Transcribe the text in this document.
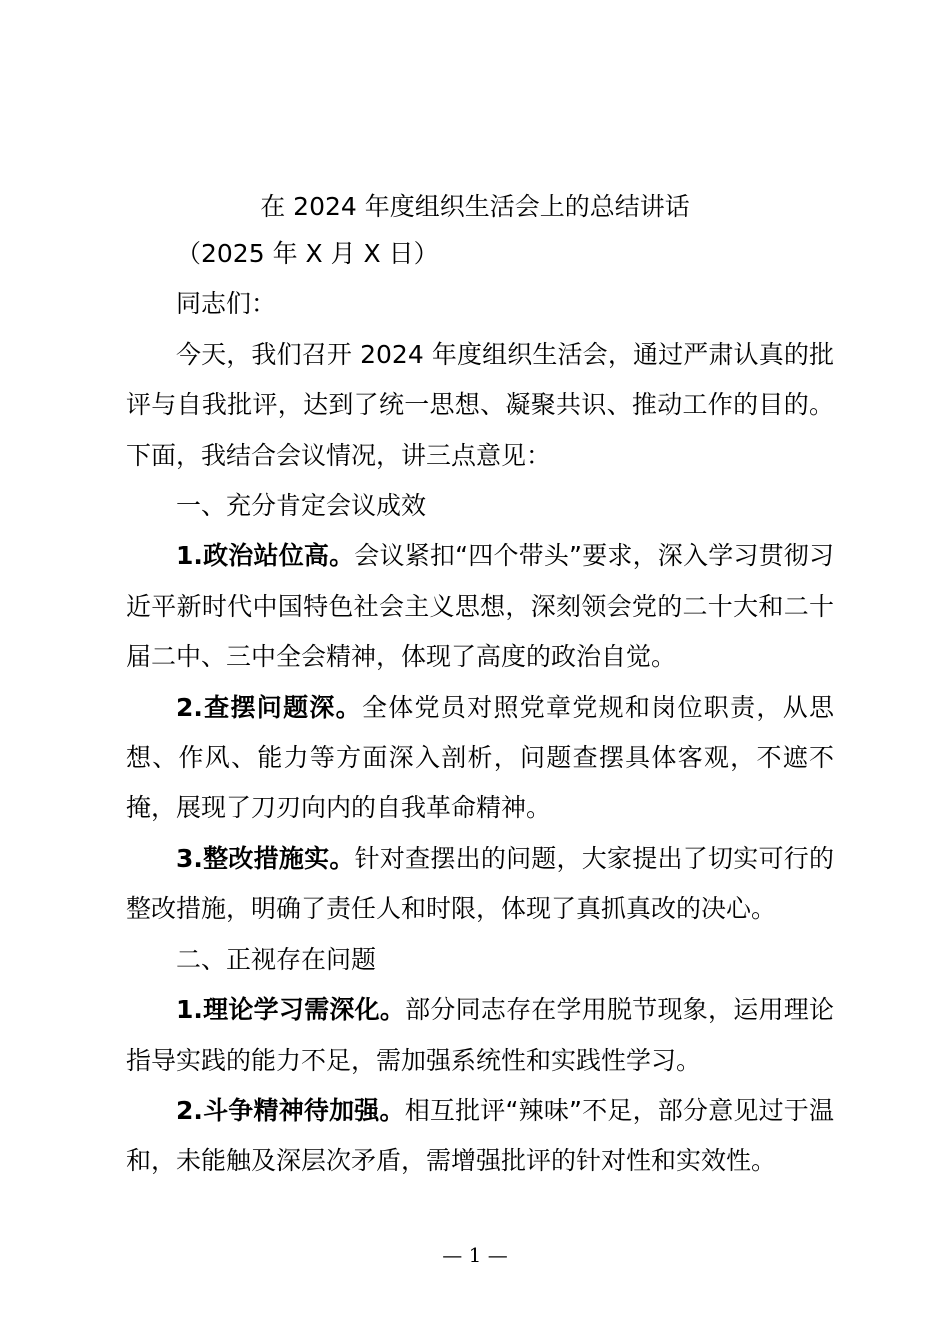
在 2024 年度组织生活会上的总结讲话

（2025 年 X 月 X 日）

同志们：

今天，我们召开 2024 年度组织生活会，通过严肃认真的批评与自我批评，达到了统一思想、凝聚共识、推动工作的目的。下面，我结合会议情况，讲三点意见：

一、充分肯定会议成效

1.政治站位高。会议紧扣“四个带头”要求，深入学习贯彻习近平新时代中国特色社会主义思想，深刻领会党的二十大和二十届二中、三中全会精神，体现了高度的政治自觉。

2.查摆问题深。全体党员对照党章党规和岗位职责，从思想、作风、能力等方面深入剖析，问题查摆具体客观，不遮不掩，展现了刀刃向内的自我革命精神。

3.整改措施实。针对查摆出的问题，大家提出了切实可行的整改措施，明确了责任人和时限，体现了真抓真改的决心。

二、正视存在问题

1.理论学习需深化。部分同志存在学用脱节现象，运用理论指导实践的能力不足，需加强系统性和实践性学习。

2.斗争精神待加强。相互批评“辣味”不足，部分意见过于温和，未能触及深层次矛盾，需增强批评的针对性和实效性。

— 1 —
